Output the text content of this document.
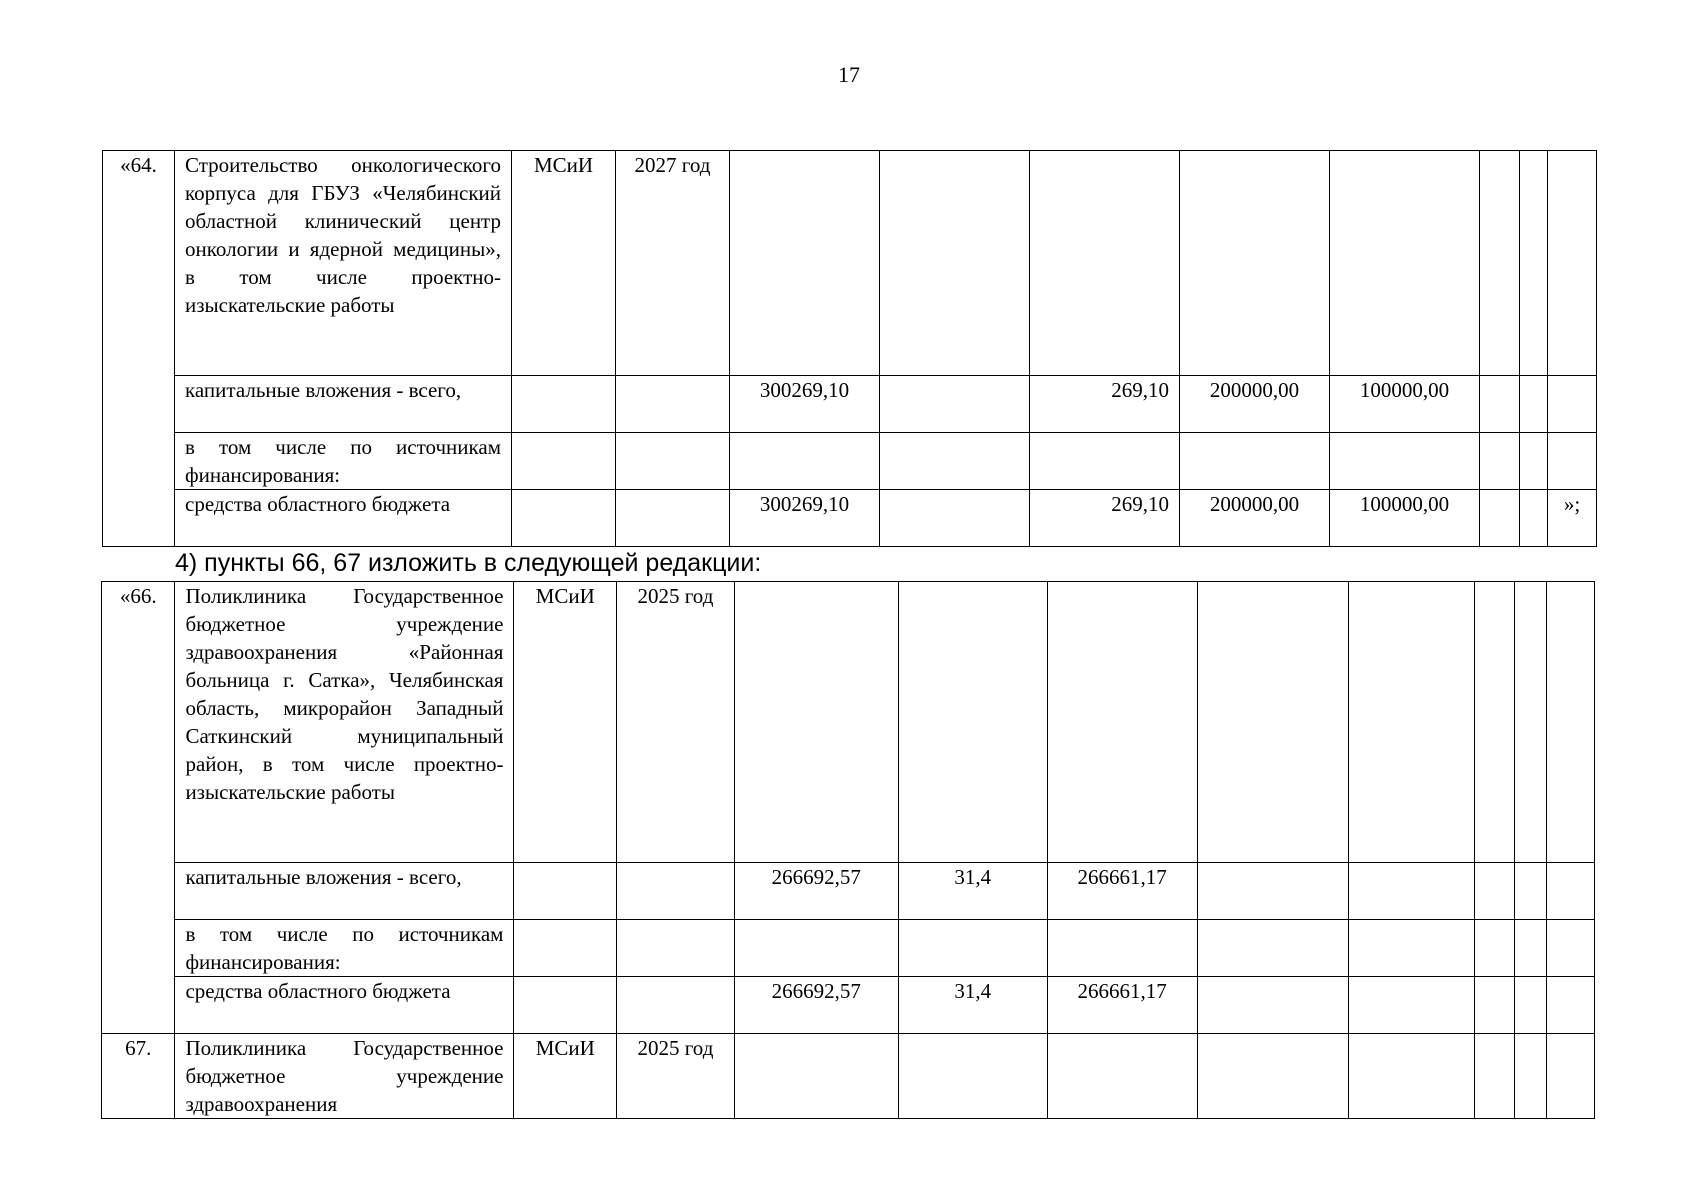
17
«64.	Строительство онкологического корпуса для ГБУЗ «Челябинский областной клинический центр онкологии и ядерной медицины», в том числе проектно-изыскательские работы	МСиИ	2027 год								
	капитальные вложения - всего,			300269,10		269,10	200000,00	100000,00			
	в том числе по источникам финансирования:										
	средства областного бюджета			300269,10		269,10	200000,00	100000,00			»;
4) пункты 66, 67 изложить в следующей редакции:
«66.	Поликлиника Государственное бюджетное учреждение здравоохранения «Районная больница г. Сатка», Челябинская область, микрорайон Западный Саткинский муниципальный район, в том числе проектно-изыскательские работы	МСиИ	2025 год								
	капитальные вложения - всего,			266692,57	31,4	266661,17					
	в том числе по источникам финансирования:										
	средства областного бюджета			266692,57	31,4	266661,17					
67.	Поликлиника Государственное бюджетное учреждение здравоохранения	МСиИ	2025 год								
